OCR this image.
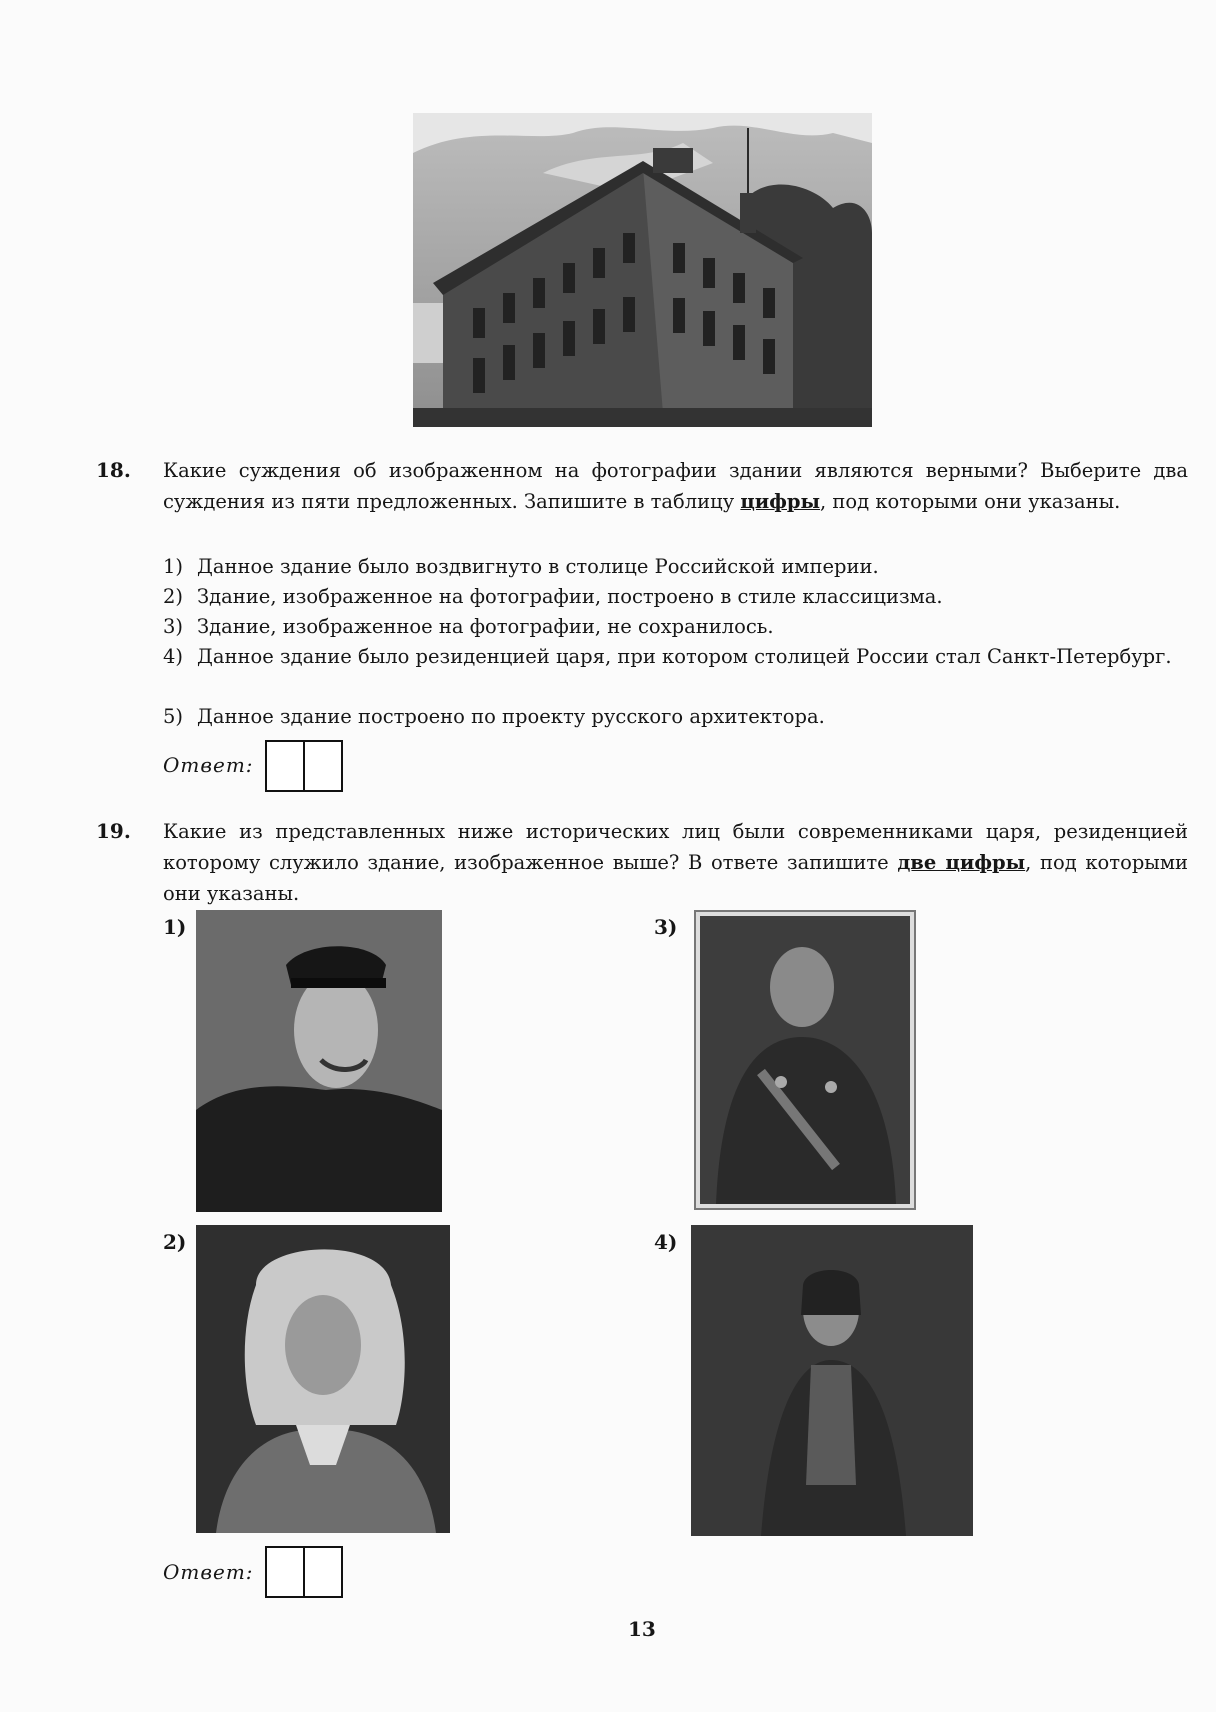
18. Какие суждения об изображенном на фотографии здании являются верными? Выберите два суждения из пяти предложенных. Запишите в таблицу цифры, под которыми они указаны.
1) Данное здание было воздвигнуто в столице Российской империи.
2) Здание, изображенное на фотографии, построено в стиле классицизма.
3) Здание, изображенное на фотографии, не сохранилось.
4) Данное здание было резиденцией царя, при котором столицей России стал Санкт-Петербург.
5) Данное здание построено по проекту русского архитектора.
Ответ:
19. Какие из представленных ниже исторических лиц были современниками царя, резиденцией которому служило здание, изображенное выше? В ответе запишите две цифры, под которыми они указаны.
1)
2)
3)
4)
Ответ:
13
